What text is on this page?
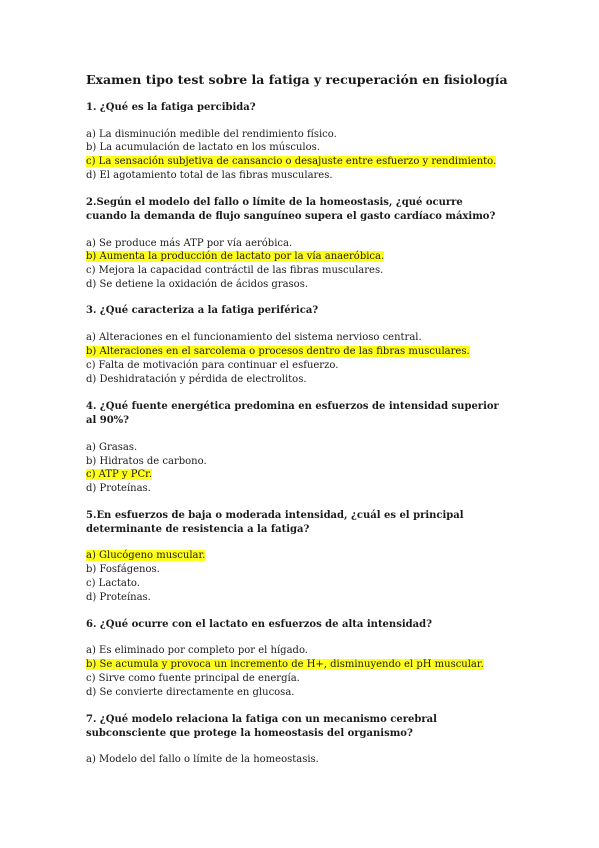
Examen tipo test sobre la fatiga y recuperación en fisiología
1. ¿Qué es la fatiga percibida?
a) La disminución medible del rendimiento físico.
b) La acumulación de lactato en los músculos.
c) La sensación subjetiva de cansancio o desajuste entre esfuerzo y rendimiento.
d) El agotamiento total de las fibras musculares.
2.Según el modelo del fallo o límite de la homeostasis, ¿qué ocurre cuando la demanda de flujo sanguíneo supera el gasto cardíaco máximo?
a) Se produce más ATP por vía aeróbica.
b) Aumenta la producción de lactato por la vía anaeróbica.
c) Mejora la capacidad contráctil de las fibras musculares.
d) Se detiene la oxidación de ácidos grasos.
3. ¿Qué caracteriza a la fatiga periférica?
a) Alteraciones en el funcionamiento del sistema nervioso central.
b) Alteraciones en el sarcolema o procesos dentro de las fibras musculares.
c) Falta de motivación para continuar el esfuerzo.
d) Deshidratación y pérdida de electrolitos.
4. ¿Qué fuente energética predomina en esfuerzos de intensidad superior al 90%?
a) Grasas.
b) Hidratos de carbono.
c) ATP y PCr.
d) Proteínas.
5.En esfuerzos de baja o moderada intensidad, ¿cuál es el principal determinante de resistencia a la fatiga?
a) Glucógeno muscular.
b) Fosfágenos.
c) Lactato.
d) Proteínas.
6. ¿Qué ocurre con el lactato en esfuerzos de alta intensidad?
a) Es eliminado por completo por el hígado.
b) Se acumula y provoca un incremento de H+, disminuyendo el pH muscular.
c) Sirve como fuente principal de energía.
d) Se convierte directamente en glucosa.
7. ¿Qué modelo relaciona la fatiga con un mecanismo cerebral subconsciente que protege la homeostasis del organismo?
a) Modelo del fallo o límite de la homeostasis.
